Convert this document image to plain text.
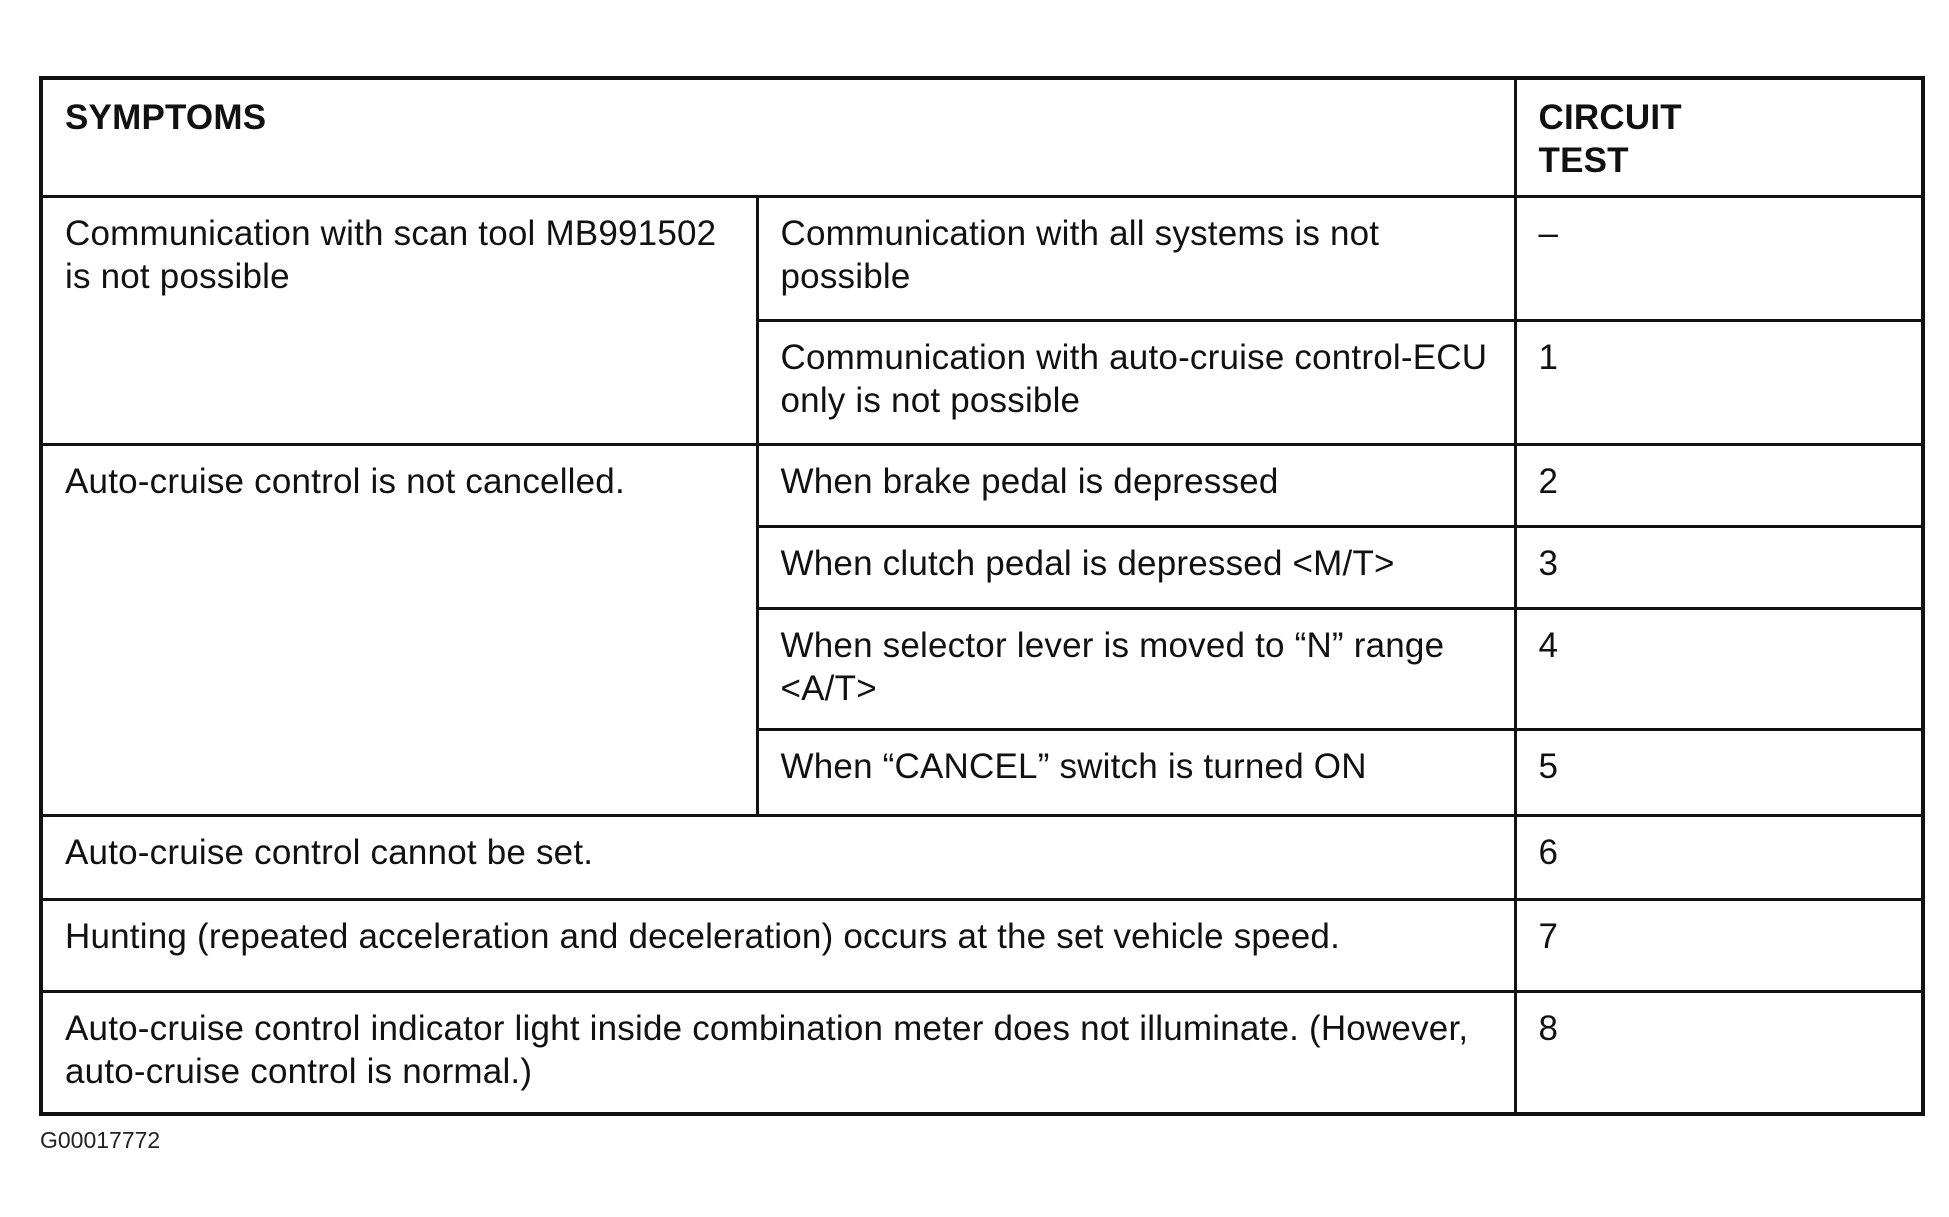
SYMPTOMS		CIRCUIT
TEST
Communication with scan tool MB991502 is not possible	Communication with all systems is not possible	–
	Communication with auto-cruise control-ECU only is not possible	1
Auto-cruise control is not cancelled.	When brake pedal is depressed	2
	When clutch pedal is depressed <M/T>	3
	When selector lever is moved to “N” range <A/T>	4
	When “CANCEL” switch is turned ON	5
Auto-cruise control cannot be set.		6
Hunting (repeated acceleration and deceleration) occurs at the set vehicle speed.		7
Auto-cruise control indicator light inside combination meter does not illuminate. (However, auto-cruise control is normal.)		8
G00017772
